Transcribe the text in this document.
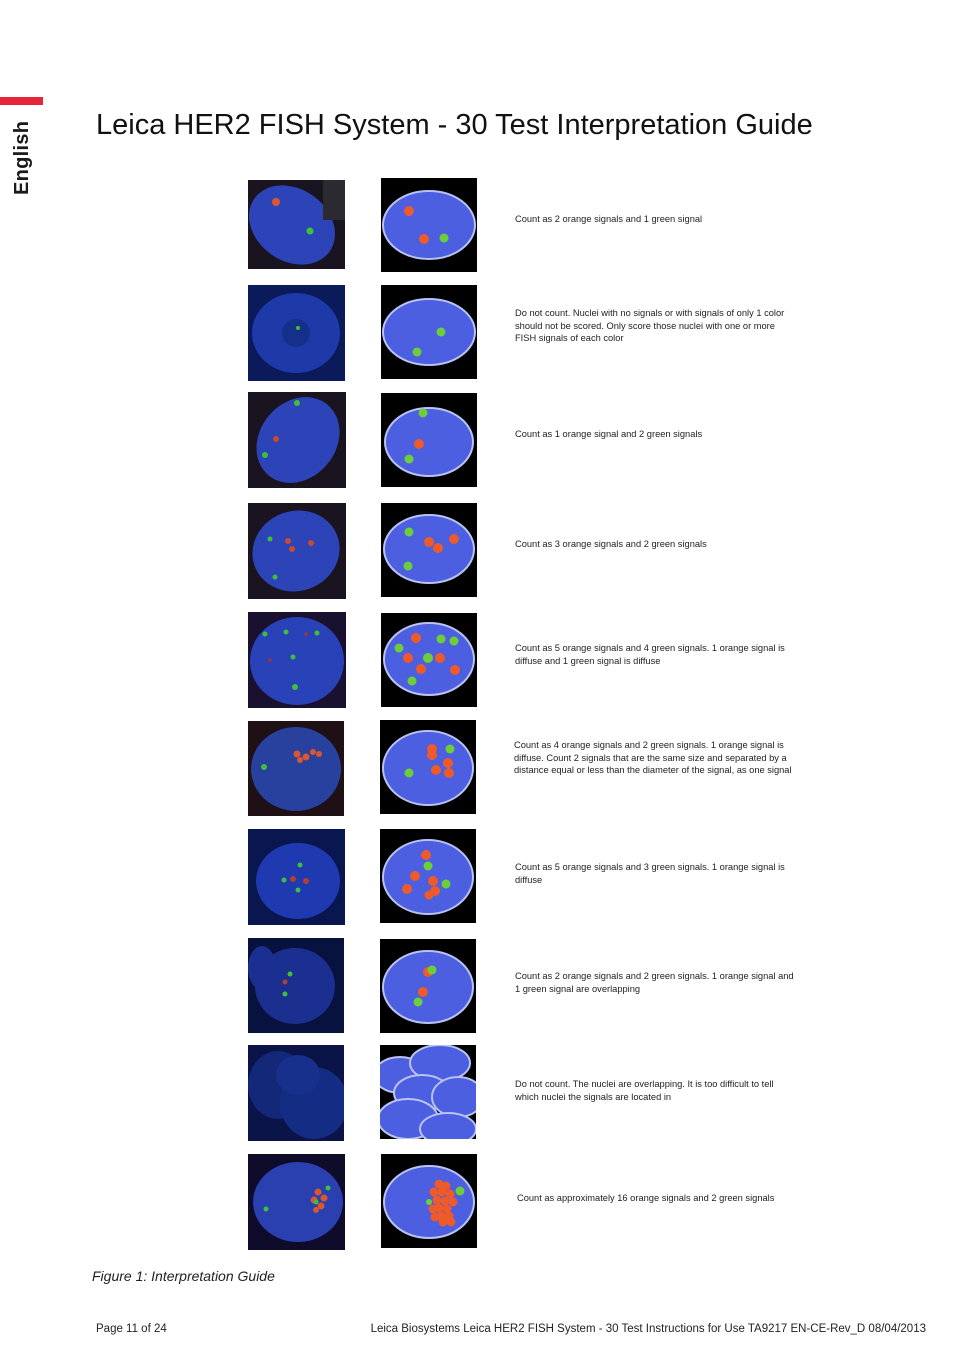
English Leica HER2 FISH System - 30 Test Interpretation Guide
Count as 2 orange signals and 1 green signal
Do not count. Nuclei with no signals or with signals of only 1 color should not be scored. Only score those nuclei with one or more FISH signals of each color
Count as 1 orange signal and 2 green signals
Count as 3 orange signals and 2 green signals
Count as 5 orange signals and 4 green signals. 1 orange signal is diffuse and 1 green signal is diffuse
Count as 4 orange signals and 2 green signals. 1 orange signal is diffuse. Count 2 signals that are the same size and separated by a distance equal or less than the diameter of the signal, as one signal
Count as 5 orange signals and 3 green signals. 1 orange signal is diffuse
Count as 2 orange signals and 2 green signals. 1 orange signal and 1 green signal are overlapping
Do not count. The nuclei are overlapping. It is too difficult to tell which nuclei the signals are located in
Count as approximately 16 orange signals and 2 green signals
Figure 1: Interpretation Guide
Page 11 of 24	Leica Biosystems Leica HER2 FISH System - 30 Test Instructions for Use TA9217 EN-CE-Rev_D 08/04/2013
